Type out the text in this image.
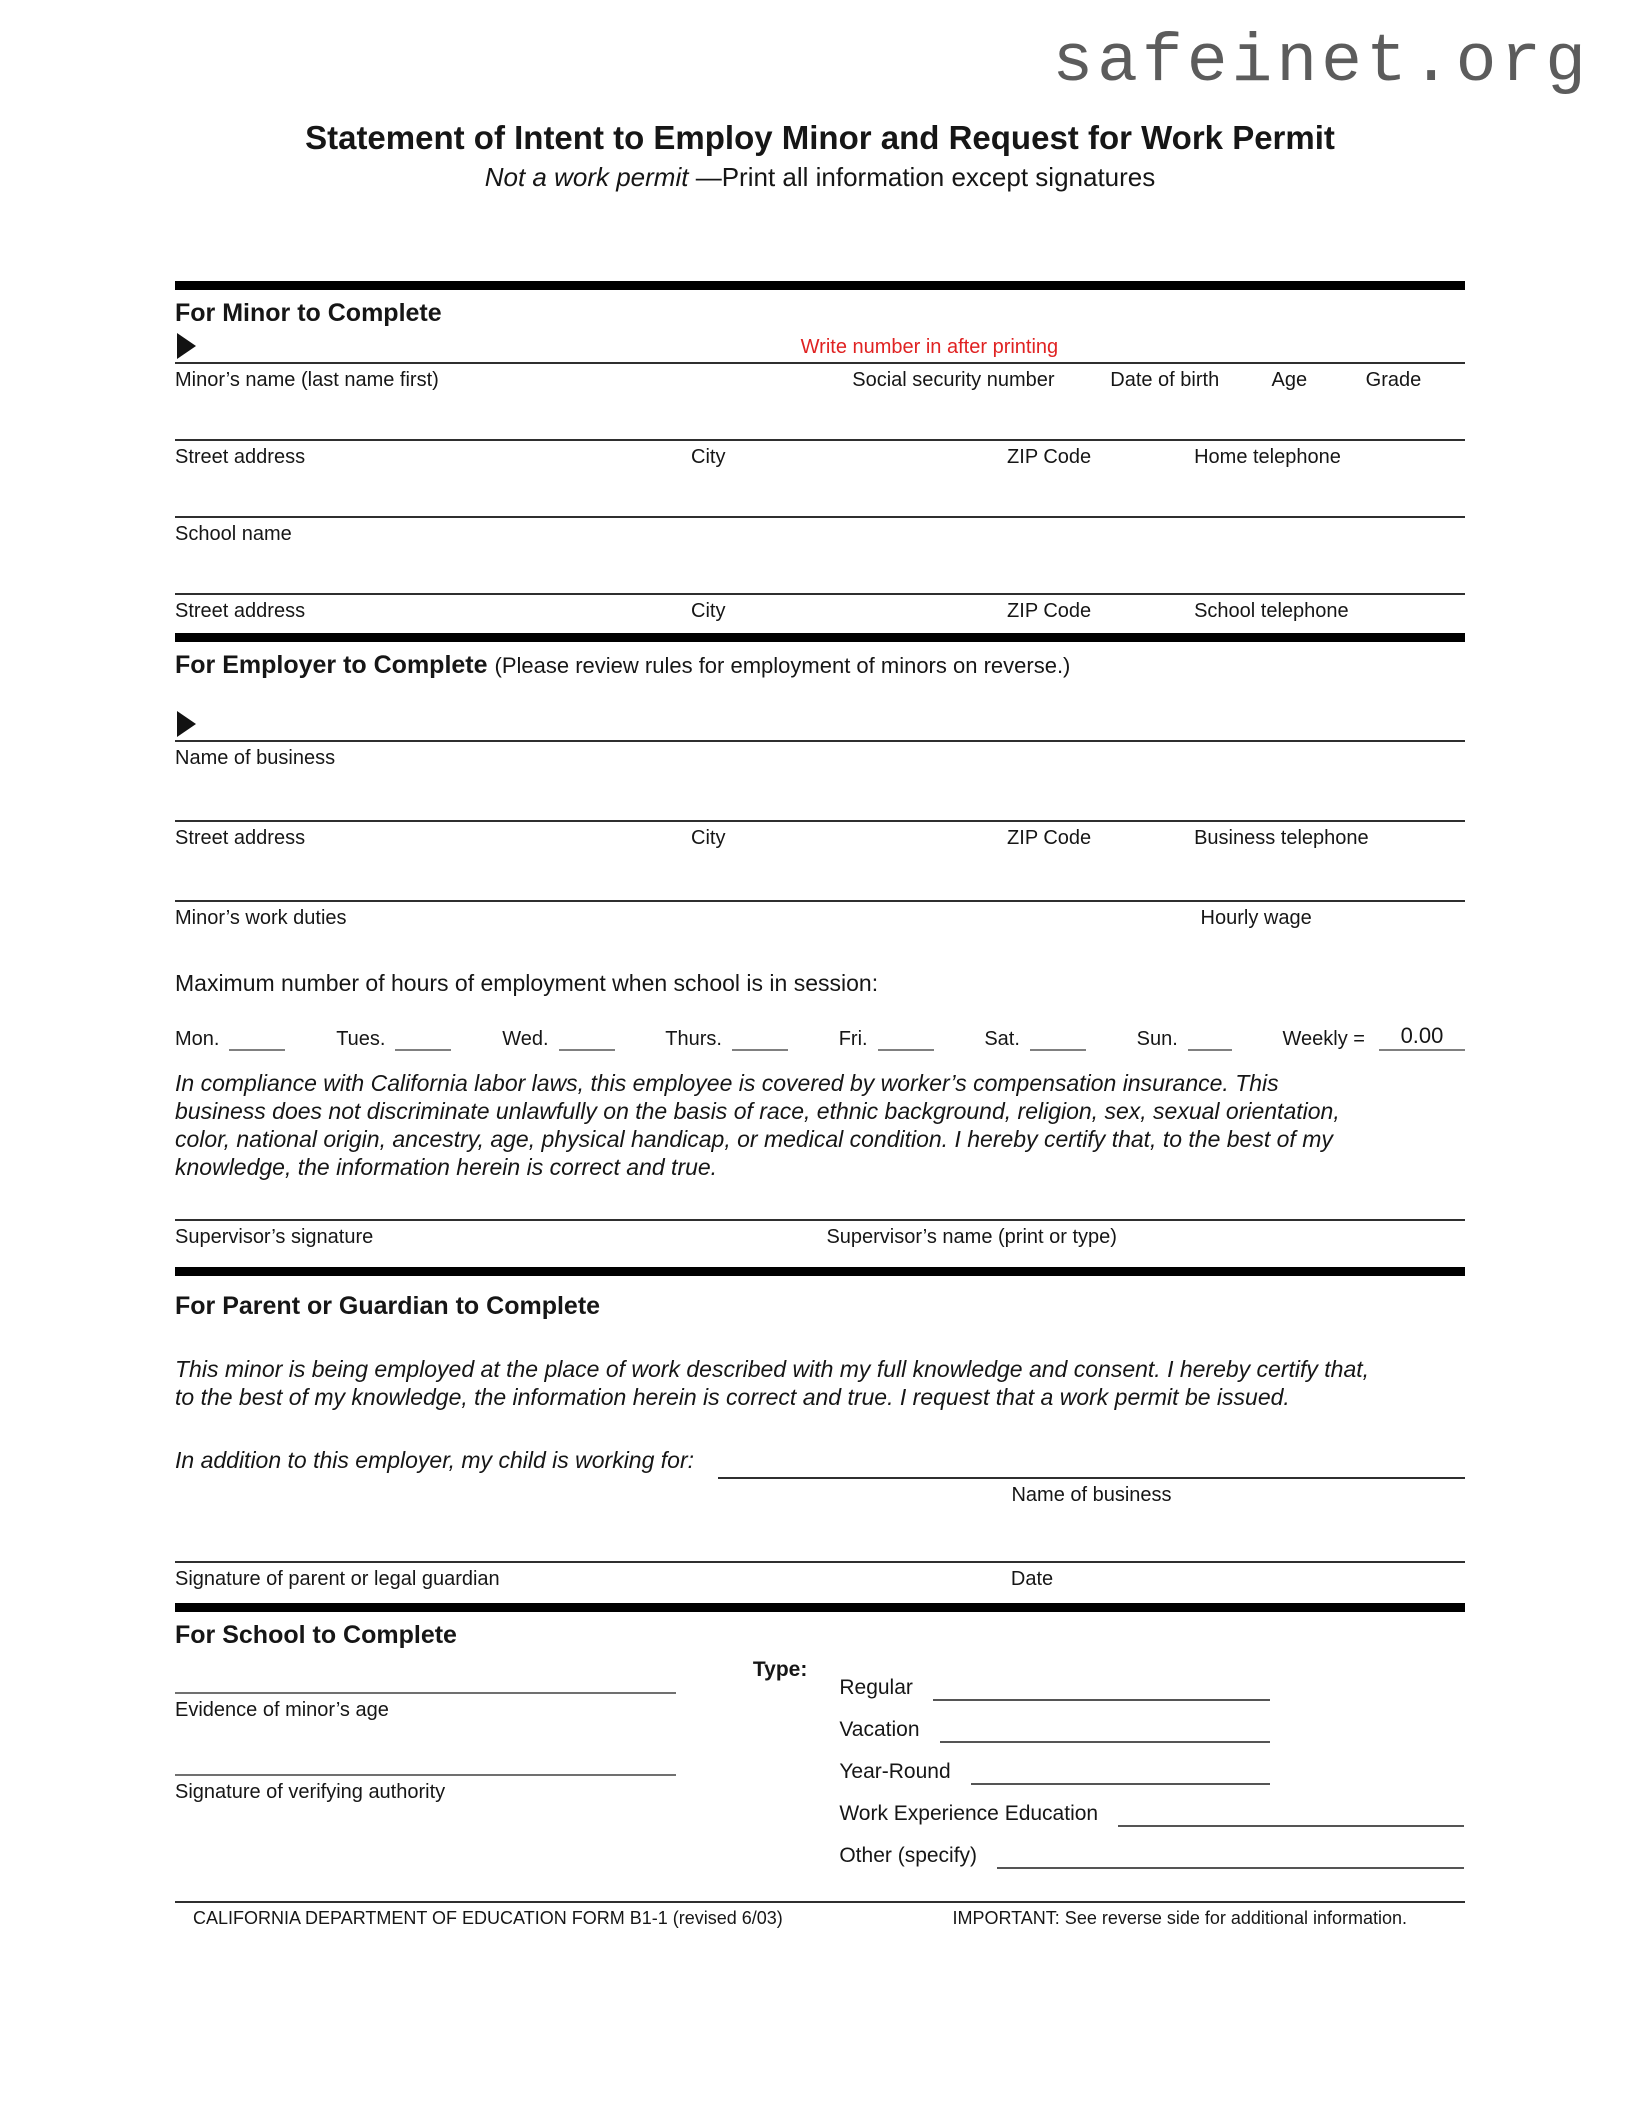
safeinet.org
Statement of Intent to Employ Minor and Request for Work Permit
Not a work permit —Print all information except signatures
For Minor to Complete
Write number in after printing
Minor’s name (last name first)	Social security number	Date of birth	Age	Grade
Street address	City	ZIP Code	Home telephone
School name
Street address	City	ZIP Code	School telephone
For Employer to Complete (Please review rules for employment of minors on reverse.)
Name of business
Street address	City	ZIP Code	Business telephone
Minor’s work duties	Hourly wage
Maximum number of hours of employment when school is in session:
Mon.	Tues.	Wed.	Thurs.	Fri.	Sat.	Sun.	Weekly =	0.00
In compliance with California labor laws, this employee is covered by worker’s compensation insurance. This
business does not discriminate unlawfully on the basis of race, ethnic background, religion, sex, sexual orientation,
color, national origin, ancestry, age, physical handicap, or medical condition. I hereby certify that, to the best of my
knowledge, the information herein is correct and true.
Supervisor’s signature	Supervisor’s name (print or type)
For Parent or Guardian to Complete
This minor is being employed at the place of work described with my full knowledge and consent. I hereby certify that,
to the best of my knowledge, the information herein is correct and true. I request that a work permit be issued.
In addition to this employer, my child is working for:
Name of business
Signature of parent or legal guardian	Date
For School to Complete
Evidence of minor’s age
Signature of verifying authority
Type:
Regular
Vacation
Year-Round
Work Experience Education
Other (specify)
CALIFORNIA DEPARTMENT OF EDUCATION FORM B1-1 (revised 6/03)	IMPORTANT: See reverse side for additional information.
